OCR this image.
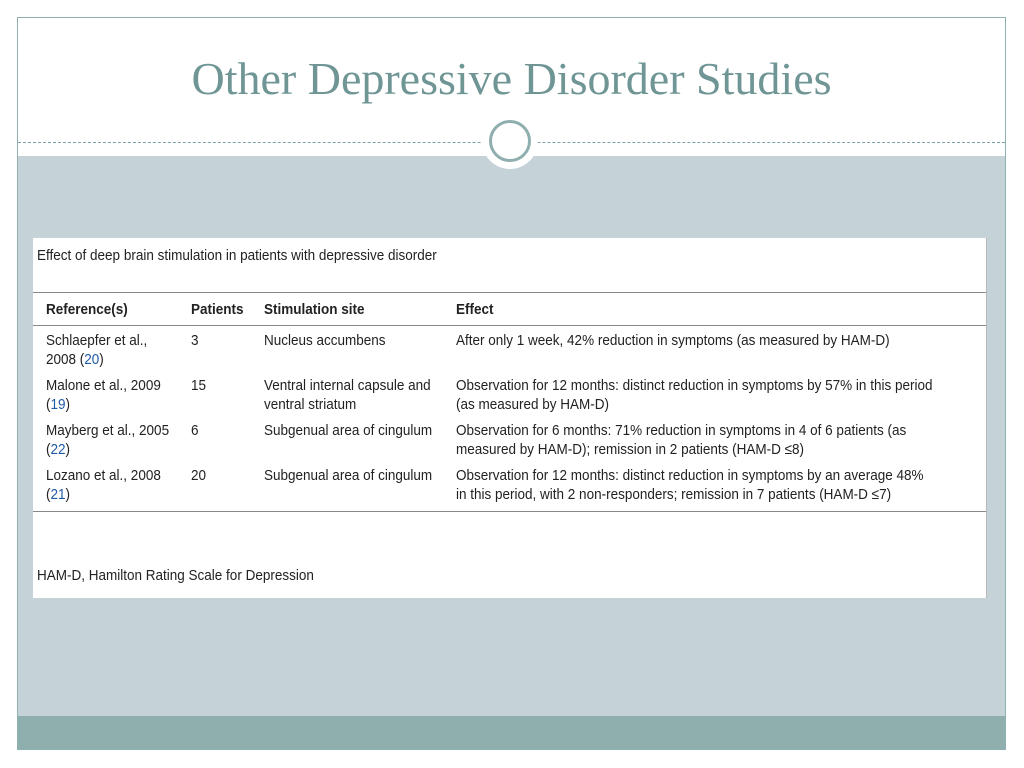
Other Depressive Disorder Studies

Effect of deep brain stimulation in patients with depressive disorder

Reference(s)	Patients	Stimulation site	Effect
Schlaepfer et al., 2008 (20)	3	Nucleus accumbens	After only 1 week, 42% reduction in symptoms (as measured by HAM-D)
Malone et al., 2009 (19)	15	Ventral internal capsule and ventral striatum	Observation for 12 months: distinct reduction in symptoms by 57% in this period (as measured by HAM-D)
Mayberg et al., 2005 (22)	6	Subgenual area of cingulum	Observation for 6 months: 71% reduction in symptoms in 4 of 6 patients (as measured by HAM-D); remission in 2 patients (HAM-D ≤8)
Lozano et al., 2008 (21)	20	Subgenual area of cingulum	Observation for 12 months: distinct reduction in symptoms by an average 48% in this period, with 2 non-responders; remission in 7 patients (HAM-D ≤7)

HAM-D, Hamilton Rating Scale for Depression
